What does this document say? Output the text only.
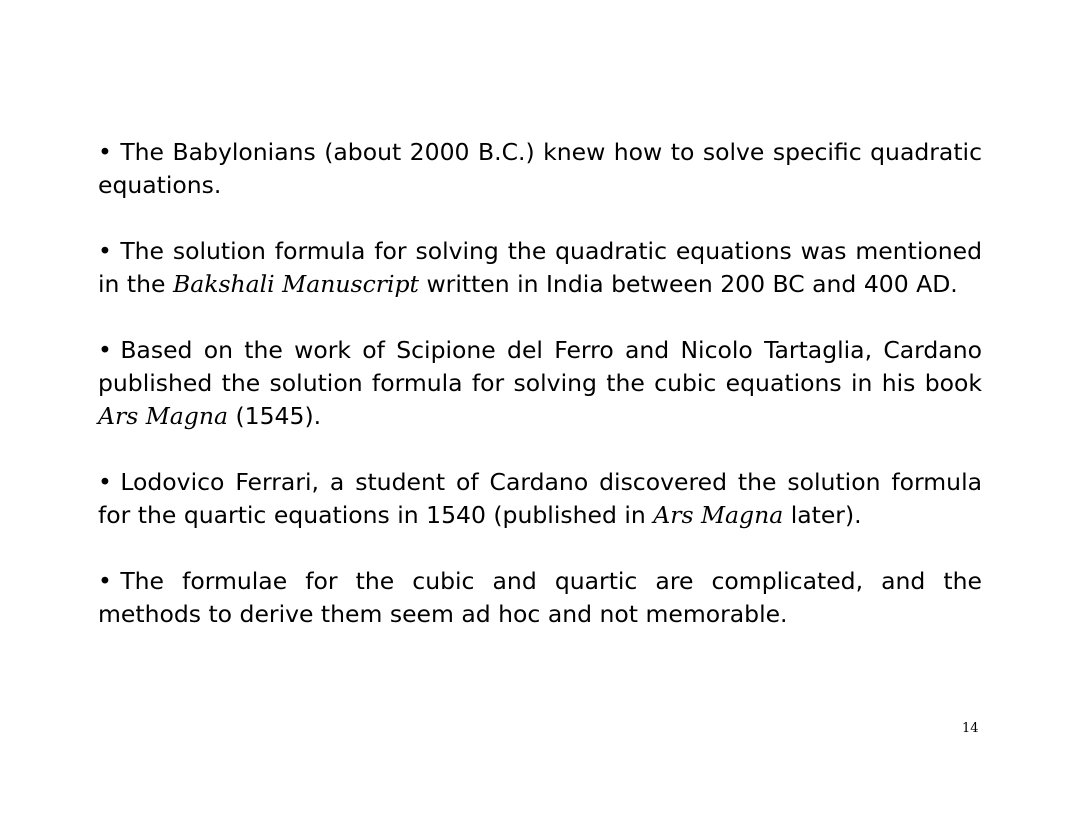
• The Babylonians (about 2000 B.C.) knew how to solve specific quadratic equations.
• The solution formula for solving the quadratic equations was mentioned in the Bakshali Manuscript written in India between 200 BC and 400 AD.
• Based on the work of Scipione del Ferro and Nicolo Tartaglia, Cardano published the solution formula for solving the cubic equations in his book Ars Magna (1545).
• Lodovico Ferrari, a student of Cardano discovered the solution formula for the quartic equations in 1540 (published in Ars Magna later).
• The formulae for the cubic and quartic are complicated, and the methods to derive them seem ad hoc and not memorable.
14
